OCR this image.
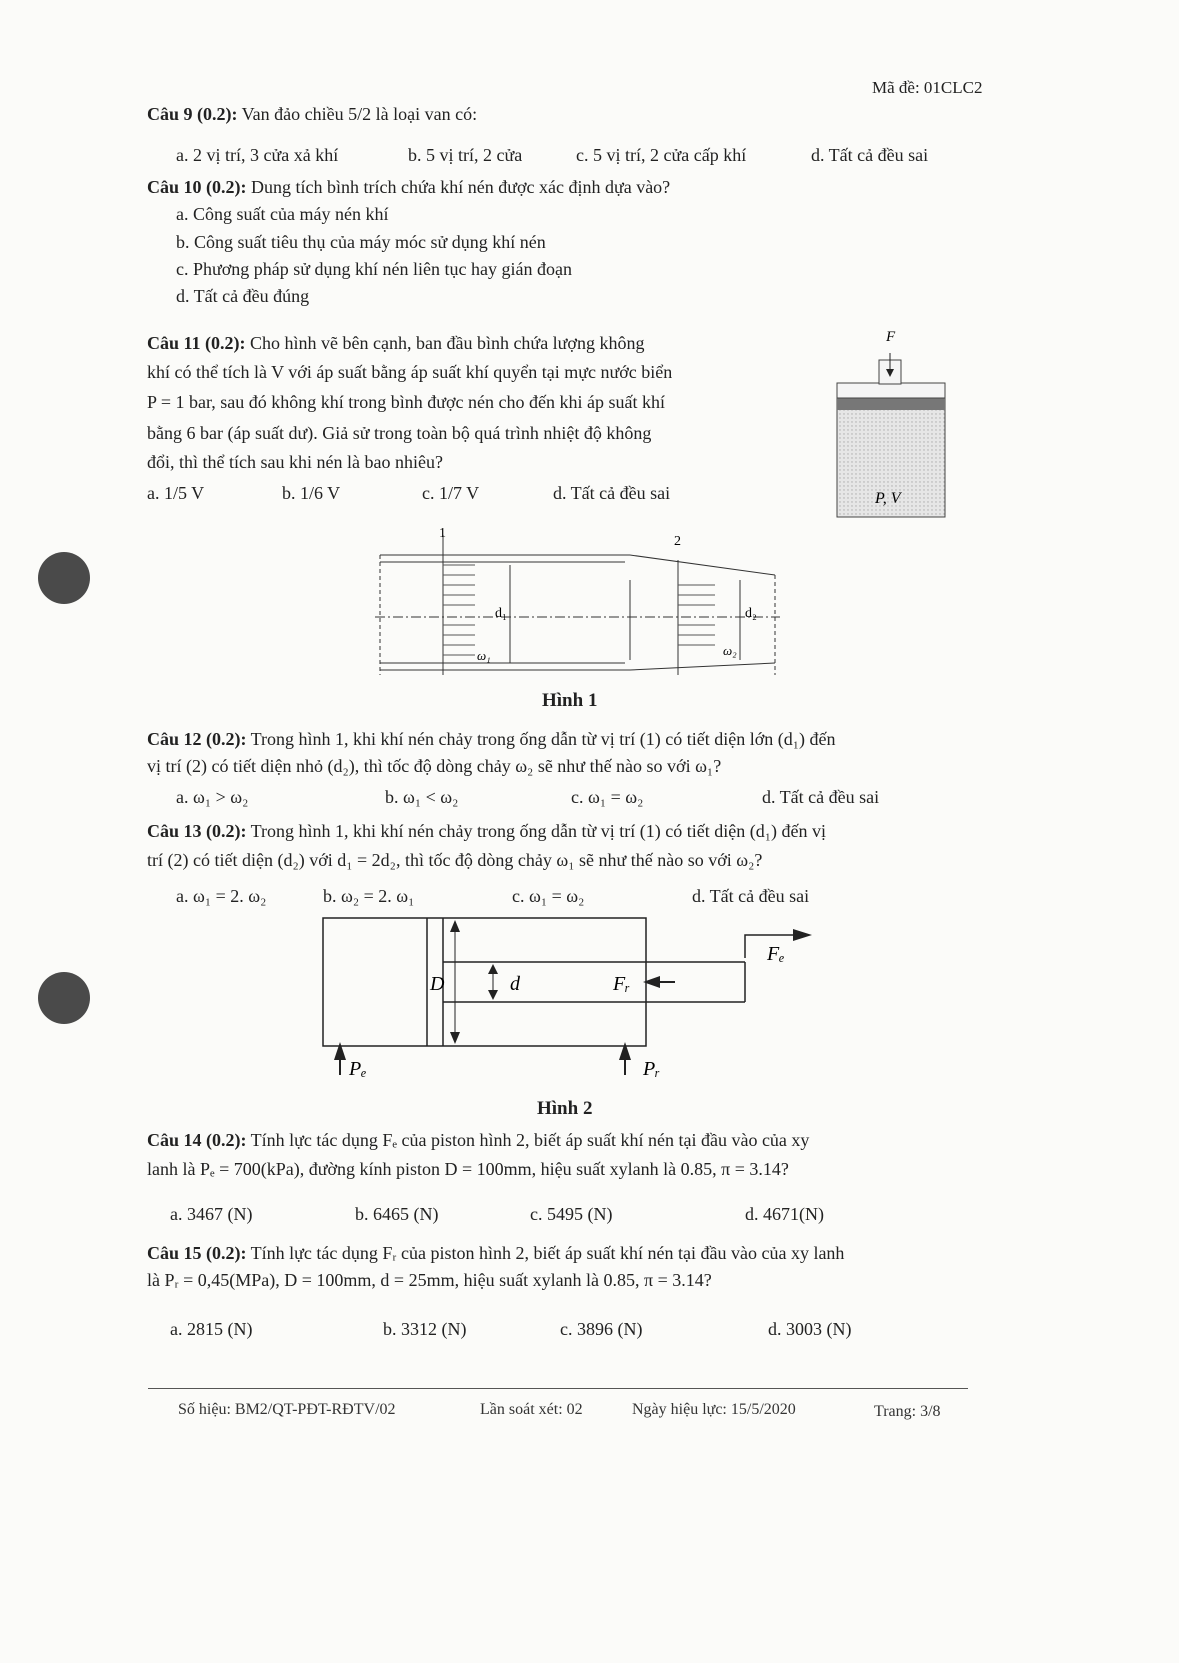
Mã đề: 01CLC2
Câu 9 (0.2): Van đảo chiều 5/2 là loại van có:
a. 2 vị trí, 3 cửa xả khí	b. 5 vị trí, 2 cửa	c. 5 vị trí, 2 cửa cấp khí	d. Tất cả đều sai
Câu 10 (0.2): Dung tích bình trích chứa khí nén được xác định dựa vào?
a. Công suất của máy nén khí
b. Công suất tiêu thụ của máy móc sử dụng khí nén
c. Phương pháp sử dụng khí nén liên tục hay gián đoạn
d. Tất cả đều đúng
Câu 11 (0.2): Cho hình vẽ bên cạnh, ban đầu bình chứa lượng không
khí có thể tích là V với áp suất bằng áp suất khí quyển tại mực nước biển
P = 1 bar, sau đó không khí trong bình được nén cho đến khi áp suất khí
bằng 6 bar (áp suất dư). Giả sử trong toàn bộ quá trình nhiệt độ không
đổi, thì thể tích sau khi nén là bao nhiêu?
a. 1/5 V	b. 1/6 V	c. 1/7 V	d. Tất cả đều sai
F
P, V
1
2
d₁	d₂
ω₁	ω₂
Hình 1
Câu 12 (0.2): Trong hình 1, khi khí nén chảy trong ống dẫn từ vị trí (1) có tiết diện lớn (d₁) đến
vị trí (2) có tiết diện nhỏ (d₂), thì tốc độ dòng chảy ω₂ sẽ như thế nào so với ω₁?
a. ω₁ > ω₂	b. ω₁ < ω₂	c. ω₁ = ω₂	d. Tất cả đều sai
Câu 13 (0.2): Trong hình 1, khi khí nén chảy trong ống dẫn từ vị trí (1) có tiết diện (d₁) đến vị
trí (2) có tiết diện (d₂) với d₁ = 2d₂, thì tốc độ dòng chảy ω₁ sẽ như thế nào so với ω₂?
a. ω₁ = 2. ω₂	b. ω₂ = 2. ω₁	c. ω₁ = ω₂	d. Tất cả đều sai
D	d	Fᵣ
Fₑ
Pₑ	Pᵣ
Hình 2
Câu 14 (0.2): Tính lực tác dụng Fₑ của piston hình 2, biết áp suất khí nén tại đầu vào của xy
lanh là Pₑ = 700(kPa), đường kính piston D = 100mm, hiệu suất xylanh là 0.85, π = 3.14?
a. 3467 (N)	b. 6465 (N)	c. 5495 (N)	d. 4671(N)
Câu 15 (0.2): Tính lực tác dụng Fᵣ của piston hình 2, biết áp suất khí nén tại đầu vào của xy lanh
là Pᵣ = 0,45(MPa), D = 100mm, d = 25mm, hiệu suất xylanh là 0.85, π = 3.14?
a. 2815 (N)	b. 3312 (N)	c. 3896 (N)	d. 3003 (N)
Số hiệu: BM2/QT-PĐT-RĐTV/02	Lần soát xét: 02	Ngày hiệu lực: 15/5/2020	Trang: 3/8
